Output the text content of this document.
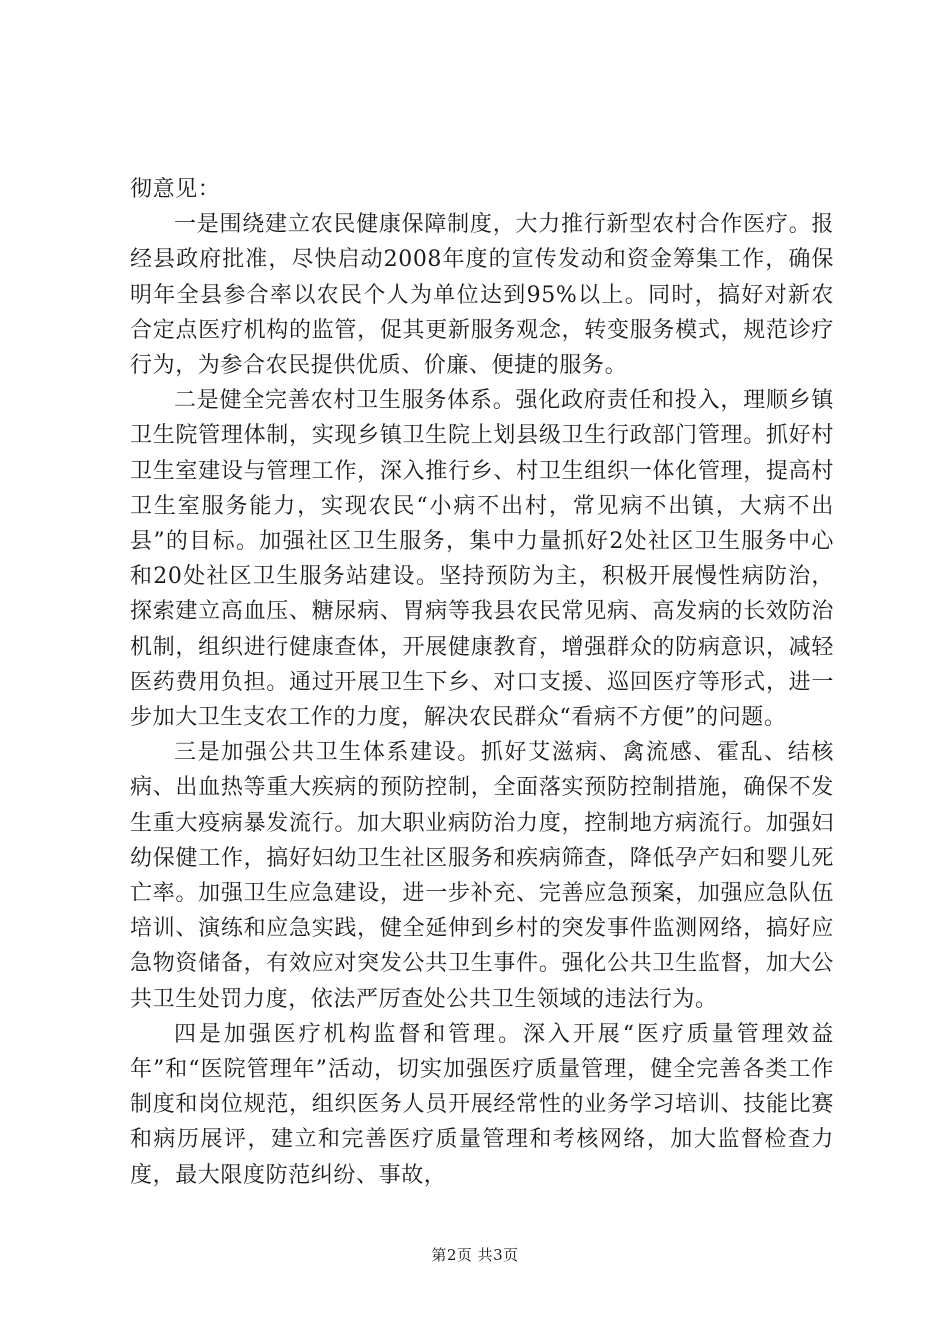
彻意见：

一是围绕建立农民健康保障制度，大力推行新型农村合作医疗。报经县政府批准，尽快启动2008年度的宣传发动和资金筹集工作，确保明年全县参合率以农民个人为单位达到95%以上。同时，搞好对新农合定点医疗机构的监管，促其更新服务观念，转变服务模式，规范诊疗行为，为参合农民提供优质、价廉、便捷的服务。

二是健全完善农村卫生服务体系。强化政府责任和投入，理顺乡镇卫生院管理体制，实现乡镇卫生院上划县级卫生行政部门管理。抓好村卫生室建设与管理工作，深入推行乡、村卫生组织一体化管理，提高村卫生室服务能力，实现农民“小病不出村，常见病不出镇，大病不出县”的目标。加强社区卫生服务，集中力量抓好2处社区卫生服务中心和20处社区卫生服务站建设。坚持预防为主，积极开展慢性病防治，探索建立高血压、糖尿病、胃病等我县农民常见病、高发病的长效防治机制，组织进行健康查体，开展健康教育，增强群众的防病意识，减轻医药费用负担。通过开展卫生下乡、对口支援、巡回医疗等形式，进一步加大卫生支农工作的力度，解决农民群众“看病不方便”的问题。

三是加强公共卫生体系建设。抓好艾滋病、禽流感、霍乱、结核病、出血热等重大疾病的预防控制，全面落实预防控制措施，确保不发生重大疫病暴发流行。加大职业病防治力度，控制地方病流行。加强妇幼保健工作，搞好妇幼卫生社区服务和疾病筛查，降低孕产妇和婴儿死亡率。加强卫生应急建设，进一步补充、完善应急预案，加强应急队伍培训、演练和应急实践，健全延伸到乡村的突发事件监测网络，搞好应急物资储备，有效应对突发公共卫生事件。强化公共卫生监督，加大公共卫生处罚力度，依法严厉查处公共卫生领域的违法行为。

四是加强医疗机构监督和管理。深入开展“医疗质量管理效益年”和“医院管理年”活动，切实加强医疗质量管理，健全完善各类工作制度和岗位规范，组织医务人员开展经常性的业务学习培训、技能比赛和病历展评，建立和完善医疗质量管理和考核网络，加大监督检查力度，最大限度防范纠纷、事故，

第2页 共3页
